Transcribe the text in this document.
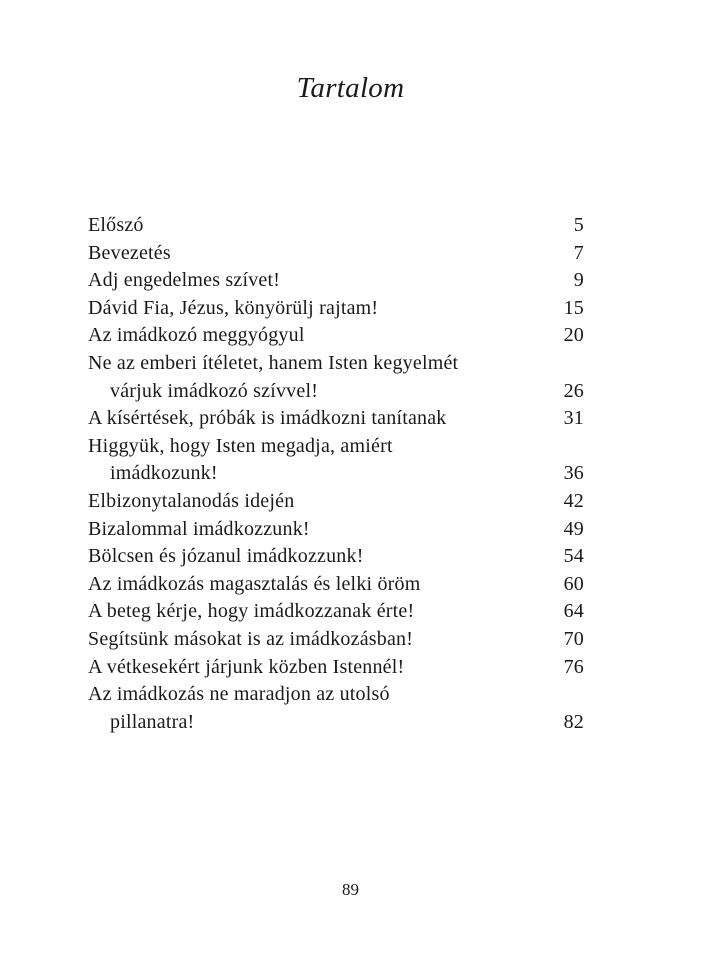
Tartalom
Előszó	5
Bevezetés	7
Adj engedelmes szívet!	9
Dávid Fia, Jézus, könyörülj rajtam!	15
Az imádkozó meggyógyul	20
Ne az emberi ítéletet, hanem Isten kegyelmét
várjuk imádkozó szívvel!	26
A kísértések, próbák is imádkozni tanítanak	31
Higgyük, hogy Isten megadja, amiért
imádkozunk!	36
Elbizonytalanodás idején	42
Bizalommal imádkozzunk!	49
Bölcsen és józanul imádkozzunk!	54
Az imádkozás magasztalás és lelki öröm	60
A beteg kérje, hogy imádkozzanak érte!	64
Segítsünk másokat is az imádkozásban!	70
A vétkesekért járjunk közben Istennél!	76
Az imádkozás ne maradjon az utolsó
pillanatra!	82
89
